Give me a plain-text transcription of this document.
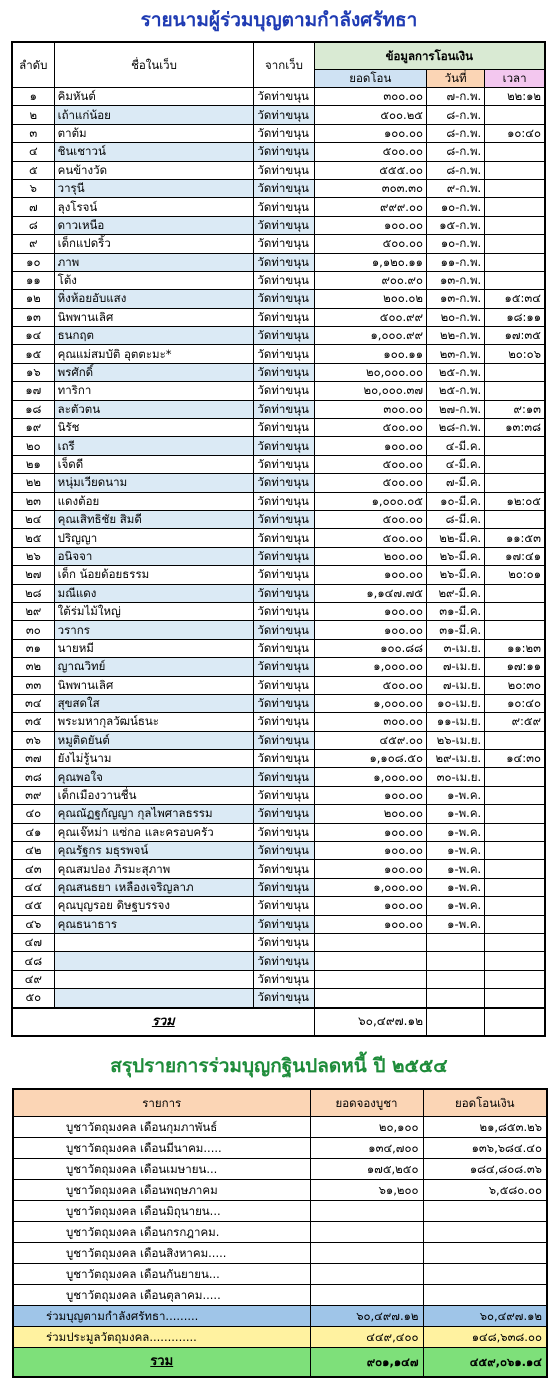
รายนามผู้ร่วมบุญตามกำลังศรัทธา
ลำดับ	ชื่อในเว็บ	จากเว็บ	ข้อมูลการโอนเงิน		
			ยอดโอน	วันที่	เวลา
๑	คิมหันต์	วัดท่าขนุน	๓๐๐.๐๐	๗-ก.พ.	๒๒:๑๒
๒	เถ้าแก่น้อย	วัดท่าขนุน	๕๐๐.๒๕	๘-ก.พ.	
๓	ตาต้ม	วัดท่าขนุน	๑๐๐.๐๐	๘-ก.พ.	๑๐:๔๐
๔	ชินเชาวน์	วัดท่าขนุน	๕๐๐.๐๐	๘-ก.พ.	
๕	คนข้างวัด	วัดท่าขนุน	๕๕๕.๐๐	๘-ก.พ.	
๖	วารุนี	วัดท่าขนุน	๓๐๓.๓๐	๙-ก.พ.	
๗	ลุงโรจน์	วัดท่าขนุน	๙๙๙.๐๐	๑๐-ก.พ.	
๘	ดาวเหนือ	วัดท่าขนุน	๑๐๐.๐๐	๑๕-ก.พ.	
๙	เด็กแปดริ้ว	วัดท่าขนุน	๕๐๐.๐๐	๑๐-ก.พ.	
๑๐	ภาพ	วัดท่าขนุน	๑,๑๒๐.๑๑	๑๑-ก.พ.	
๑๑	โต้ง	วัดท่าขนุน	๙๐๐.๙๐	๑๓-ก.พ.	
๑๒	หิ่งห้อยอับแสง	วัดท่าขนุน	๒๐๐.๐๒	๑๓-ก.พ.	๑๕:๓๔
๑๓	นิพพานเลิศ	วัดท่าขนุน	๕๐๐.๙๙	๒๐-ก.พ.	๑๘:๑๑
๑๔	ธนกฤต	วัดท่าขนุน	๑,๐๐๐.๙๙	๒๒-ก.พ.	๑๗:๓๕
๑๕	คุณแม่สมบัติ อุตตะมะ*	วัดท่าขนุน	๑๐๐.๑๑	๒๓-ก.พ.	๒๐:๐๖
๑๖	พรศักดิ์	วัดท่าขนุน	๒๐,๐๐๐.๐๐	๒๕-ก.พ.	
๑๗	ทาริกา	วัดท่าขนุน	๒๐,๐๐๐.๓๗	๒๕-ก.พ.	
๑๘	ละตัวตน	วัดท่าขนุน	๓๐๐.๐๐	๒๗-ก.พ.	๙:๑๓
๑๙	นิรัช	วัดท่าขนุน	๕๐๐.๐๐	๒๘-ก.พ.	๑๓:๓๘
๒๐	เถรี	วัดท่าขนุน	๑๐๐.๐๐	๔-มี.ค.	
๒๑	เจ็ดดี	วัดท่าขนุน	๕๐๐.๐๐	๔-มี.ค.	
๒๒	หนุ่มเวียดนาม	วัดท่าขนุน	๕๐๐.๐๐	๗-มี.ค.	
๒๓	แดงต้อย	วัดท่าขนุน	๑,๐๐๐.๐๕	๑๐-มี.ค.	๑๒:๐๕
๒๔	คุณเสิทธิชัย สิมดี	วัดท่าขนุน	๕๐๐.๐๐	๘-มี.ค.	
๒๕	ปริญญา	วัดท่าขนุน	๕๐๐.๐๐	๒๒-มี.ค.	๑๑:๕๓
๒๖	อนิจจา	วัดท่าขนุน	๒๐๐.๐๐	๒๖-มี.ค.	๑๗:๔๑
๒๗	เด็ก น้อยด้อยธรรม	วัดท่าขนุน	๑๐๐.๐๐	๒๖-มี.ค.	๒๐:๐๑
๒๘	มณีแดง	วัดท่าขนุน	๑,๑๔๗.๗๕	๒๙-มี.ค.	
๒๙	ใต้ร่มไม้ใหญ่	วัดท่าขนุน	๑๐๐.๐๐	๓๑-มี.ค.	
๓๐	วรากร	วัดท่าขนุน	๑๐๐.๐๐	๓๑-มี.ค.	
๓๑	นายหมี	วัดท่าขนุน	๑๐๐.๘๘	๓-เม.ย.	๑๑:๒๓
๓๒	ญาณวิทย์	วัดท่าขนุน	๑,๐๐๐.๐๐	๗-เม.ย.	๑๗:๑๑
๓๓	นิพพานเลิศ	วัดท่าขนุน	๕๐๐.๐๐	๗-เม.ย.	๒๐:๓๐
๓๔	สุขสดใส	วัดท่าขนุน	๑,๐๐๐.๐๐	๑๐-เม.ย.	๑๐:๔๐
๓๕	พระมหากุลวัฒน์ธนะ	วัดท่าขนุน	๓๐๐.๐๐	๑๑-เม.ย.	๙:๕๙
๓๖	หมูติดยันต์	วัดท่าขนุน	๔๕๙.๐๐	๒๖-เม.ย.	
๓๗	ยังไม่รู้นาม	วัดท่าขนุน	๑,๑๐๘.๕๐	๒๙-เม.ย.	๑๔:๓๐
๓๘	คุณพอใจ	วัดท่าขนุน	๑,๐๐๐.๐๐	๓๐-เม.ย.	
๓๙	เด็กเมืองวานชื่น	วัดท่าขนุน	๑๐๐.๐๐	๑-พ.ค.	
๔๐	คุณณัฏฐกัญญา กุลไพศาลธรรม	วัดท่าขนุน	๒๐๐.๐๐	๑-พ.ค.	
๔๑	คุณเจ๊หม่า แซ่กอ และครอบครัว	วัดท่าขนุน	๑๐๐.๐๐	๑-พ.ค.	
๔๒	คุณรัฐกร มธุรพจน์	วัดท่าขนุน	๑๐๐.๐๐	๑-พ.ค.	
๔๓	คุณสมปอง ภิรมะสุภาพ	วัดท่าขนุน	๑๐๐.๐๐	๑-พ.ค.	
๔๔	คุณสนธยา เหลืองเจริญลาภ	วัดท่าขนุน	๑,๐๐๐.๐๐	๑-พ.ค.	
๔๕	คุณบุญรอย ดิษฐบรรจง	วัดท่าขนุน	๑๐๐.๐๐	๑-พ.ค.	
๔๖	คุณธนาธาร	วัดท่าขนุน	๑๐๐.๐๐	๑-พ.ค.	
๔๗		วัดท่าขนุน			
๔๘		วัดท่าขนุน			
๔๙		วัดท่าขนุน			
๕๐		วัดท่าขนุน			
รวม			๖๐,๔๙๗.๑๒		
สรุปรายการร่วมบุญกฐินปลดหนี้ ปี ๒๕๕๔
รายการ	ยอดจองบูชา	ยอดโอนเงิน
บูชาวัตถุมงคล เดือนกุมภาพันธ์	๒๐,๑๐๐	๒๑,๘๕๓.๒๖
บูชาวัตถุมงคล เดือนมีนาคม.....	๑๓๔,๗๐๐	๑๓๖,๖๘๔.๔๐
บูชาวัตถุมงคล เดือนเมษายน...	๑๗๕,๒๕๐	๑๘๔,๘๐๘.๓๖
บูชาวัตถุมงคล เดือนพฤษภาคม	๖๑,๒๐๐	๖,๕๘๐.๐๐
บูชาวัตถุมงคล เดือนมิถุนายน...		
บูชาวัตถุมงคล เดือนกรกฎาคม.		
บูชาวัตถุมงคล เดือนสิงหาคม.....		
บูชาวัตถุมงคล เดือนกันยายน...		
บูชาวัตถุมงคล เดือนตุลาคม.....		
ร่วมบุญตามกำลังศรัทธา.........	๖๐,๔๙๗.๑๒	๖๐,๔๙๗.๑๒
ร่วมประมูลวัตถุมงคล.............	๔๔๙,๔๐๐	๑๔๘,๖๓๘.๐๐
รวม	๙๐๑,๑๔๗	๔๕๙,๐๖๑.๑๔
